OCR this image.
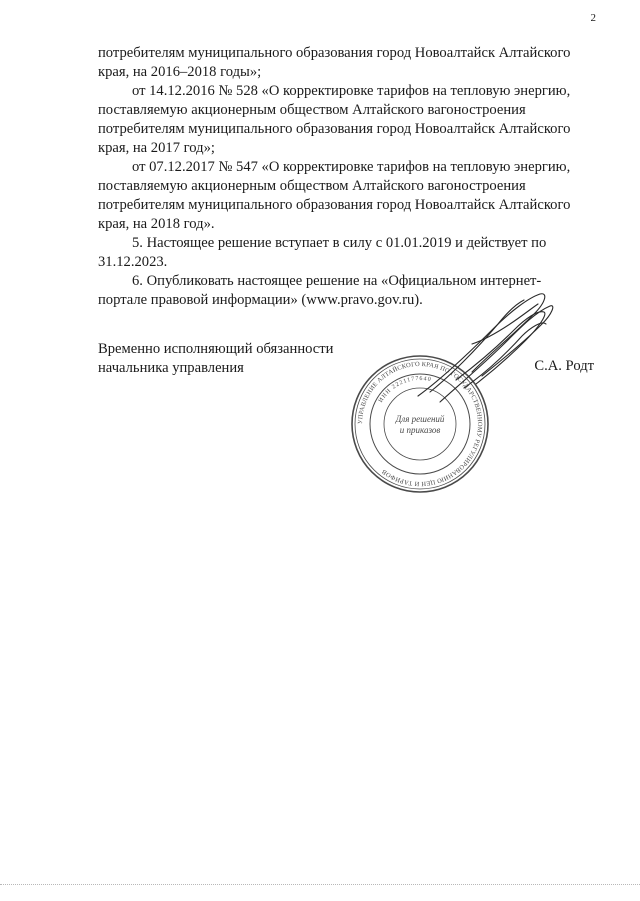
2

потребителям муниципального образования город Новоалтайск Алтайского

края, на 2016–2018 годы»;

от 14.12.2016 № 528 «О корректировке тарифов на тепловую энергию,

поставляемую акционерным обществом Алтайского вагоностроения

потребителям муниципального образования город Новоалтайск Алтайского

края, на 2017 год»;

от 07.12.2017 № 547 «О корректировке тарифов на тепловую энергию,

поставляемую акционерным обществом Алтайского вагоностроения

потребителям муниципального образования город Новоалтайск Алтайского

края, на 2018 год».

5. Настоящее решение вступает в силу с 01.01.2019 и действует по

31.12.2023.

6. Опубликовать настоящее решение на «Официальном интернет-

портале правовой информации» (www.pravo.gov.ru).

Временно исполняющий обязанности

начальника управления

УПРАВЛЕНИЕ АЛТАЙСКОГО КРАЯ ПО ГОСУДАРСТВЕННОМУ РЕГУЛИРОВАНИЮ ЦЕН И ТАРИФОВ
ИНН 2221177640
Для решений
и приказов
С.А. Родт
